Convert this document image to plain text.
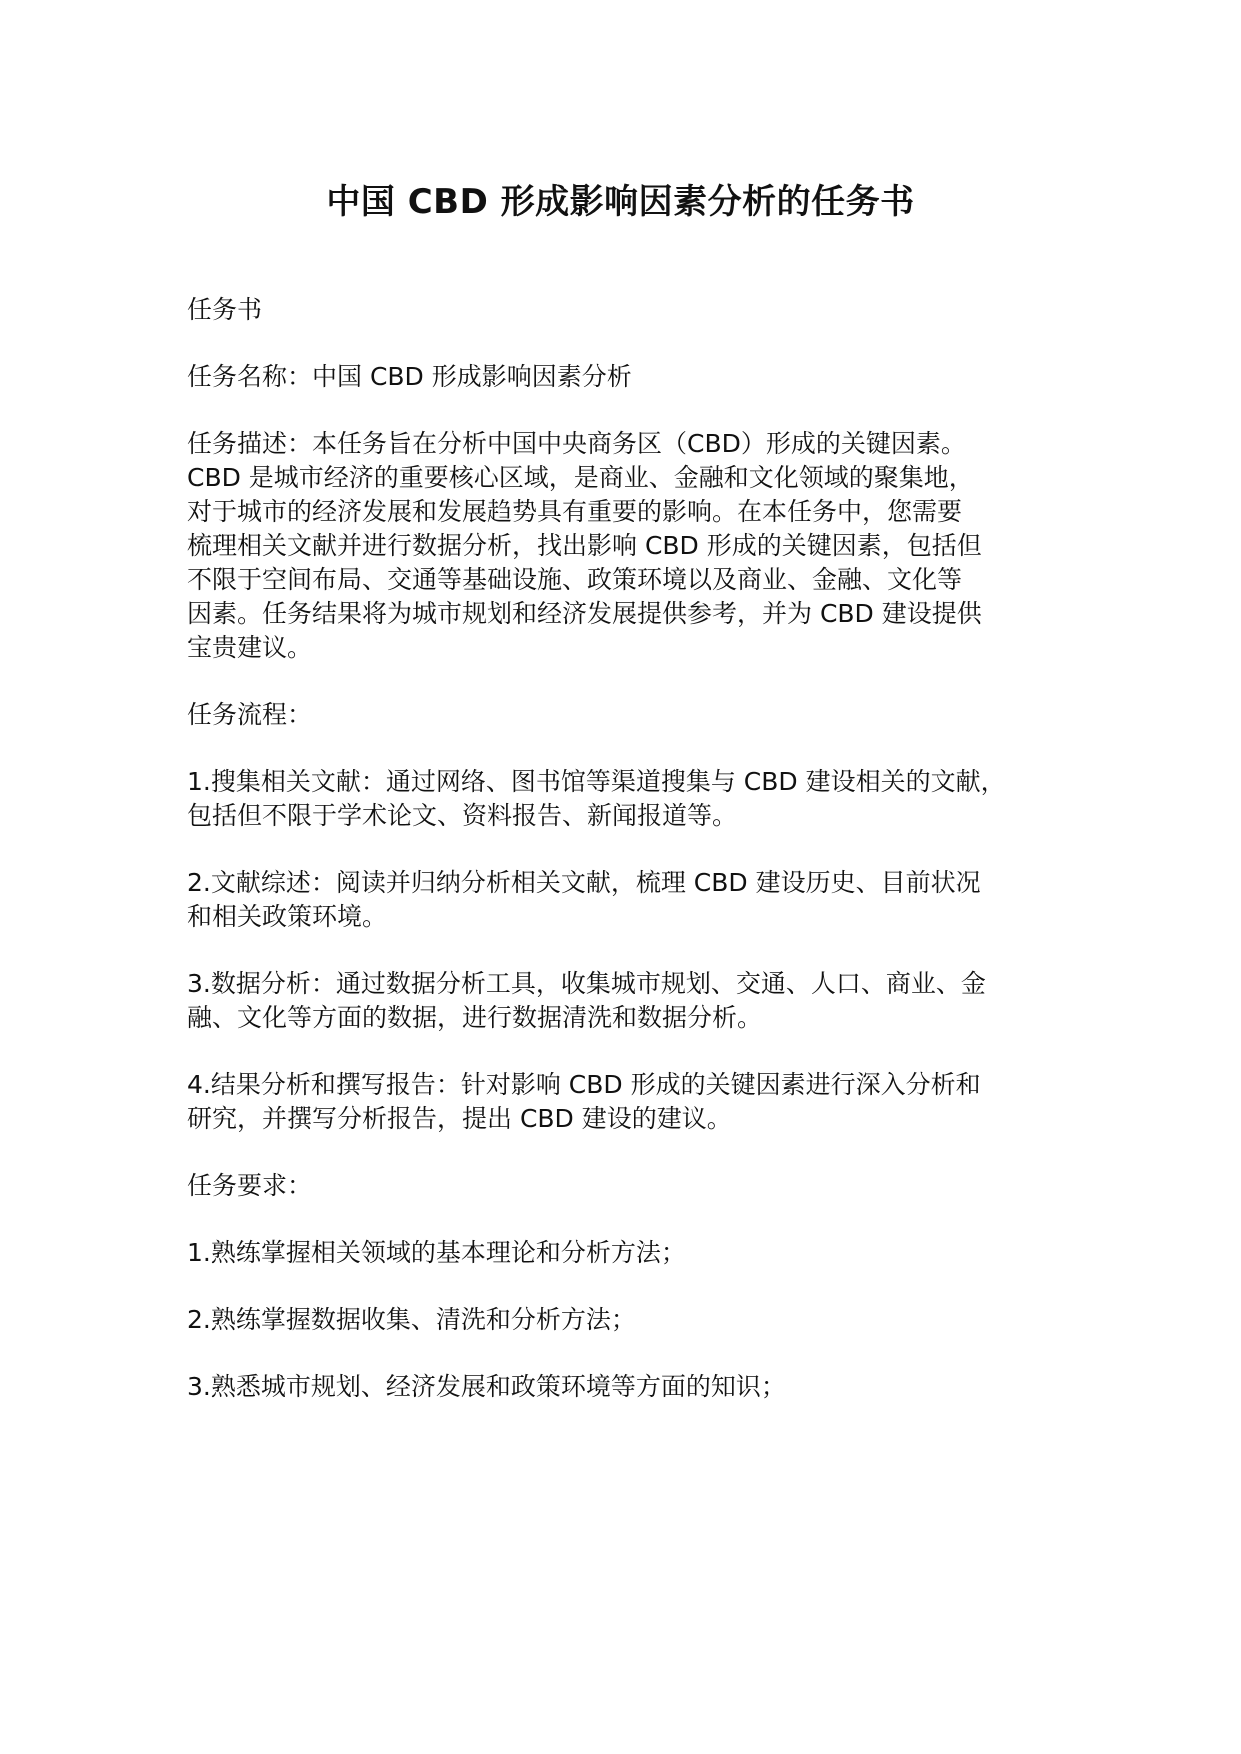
中国 CBD 形成影响因素分析的任务书

任务书

任务名称：中国 CBD 形成影响因素分析

任务描述：本任务旨在分析中国中央商务区（CBD）形成的关键因素。
CBD 是城市经济的重要核心区域，是商业、金融和文化领域的聚集地，
对于城市的经济发展和发展趋势具有重要的影响。在本任务中，您需要
梳理相关文献并进行数据分析，找出影响 CBD 形成的关键因素，包括但
不限于空间布局、交通等基础设施、政策环境以及商业、金融、文化等
因素。任务结果将为城市规划和经济发展提供参考，并为 CBD 建设提供
宝贵建议。

任务流程：

1.搜集相关文献：通过网络、图书馆等渠道搜集与 CBD 建设相关的文献，
包括但不限于学术论文、资料报告、新闻报道等。

2.文献综述：阅读并归纳分析相关文献，梳理 CBD 建设历史、目前状况
和相关政策环境。

3.数据分析：通过数据分析工具，收集城市规划、交通、人口、商业、金
融、文化等方面的数据，进行数据清洗和数据分析。

4.结果分析和撰写报告：针对影响 CBD 形成的关键因素进行深入分析和
研究，并撰写分析报告，提出 CBD 建设的建议。

任务要求：

1.熟练掌握相关领域的基本理论和分析方法；

2.熟练掌握数据收集、清洗和分析方法；

3.熟悉城市规划、经济发展和政策环境等方面的知识；
